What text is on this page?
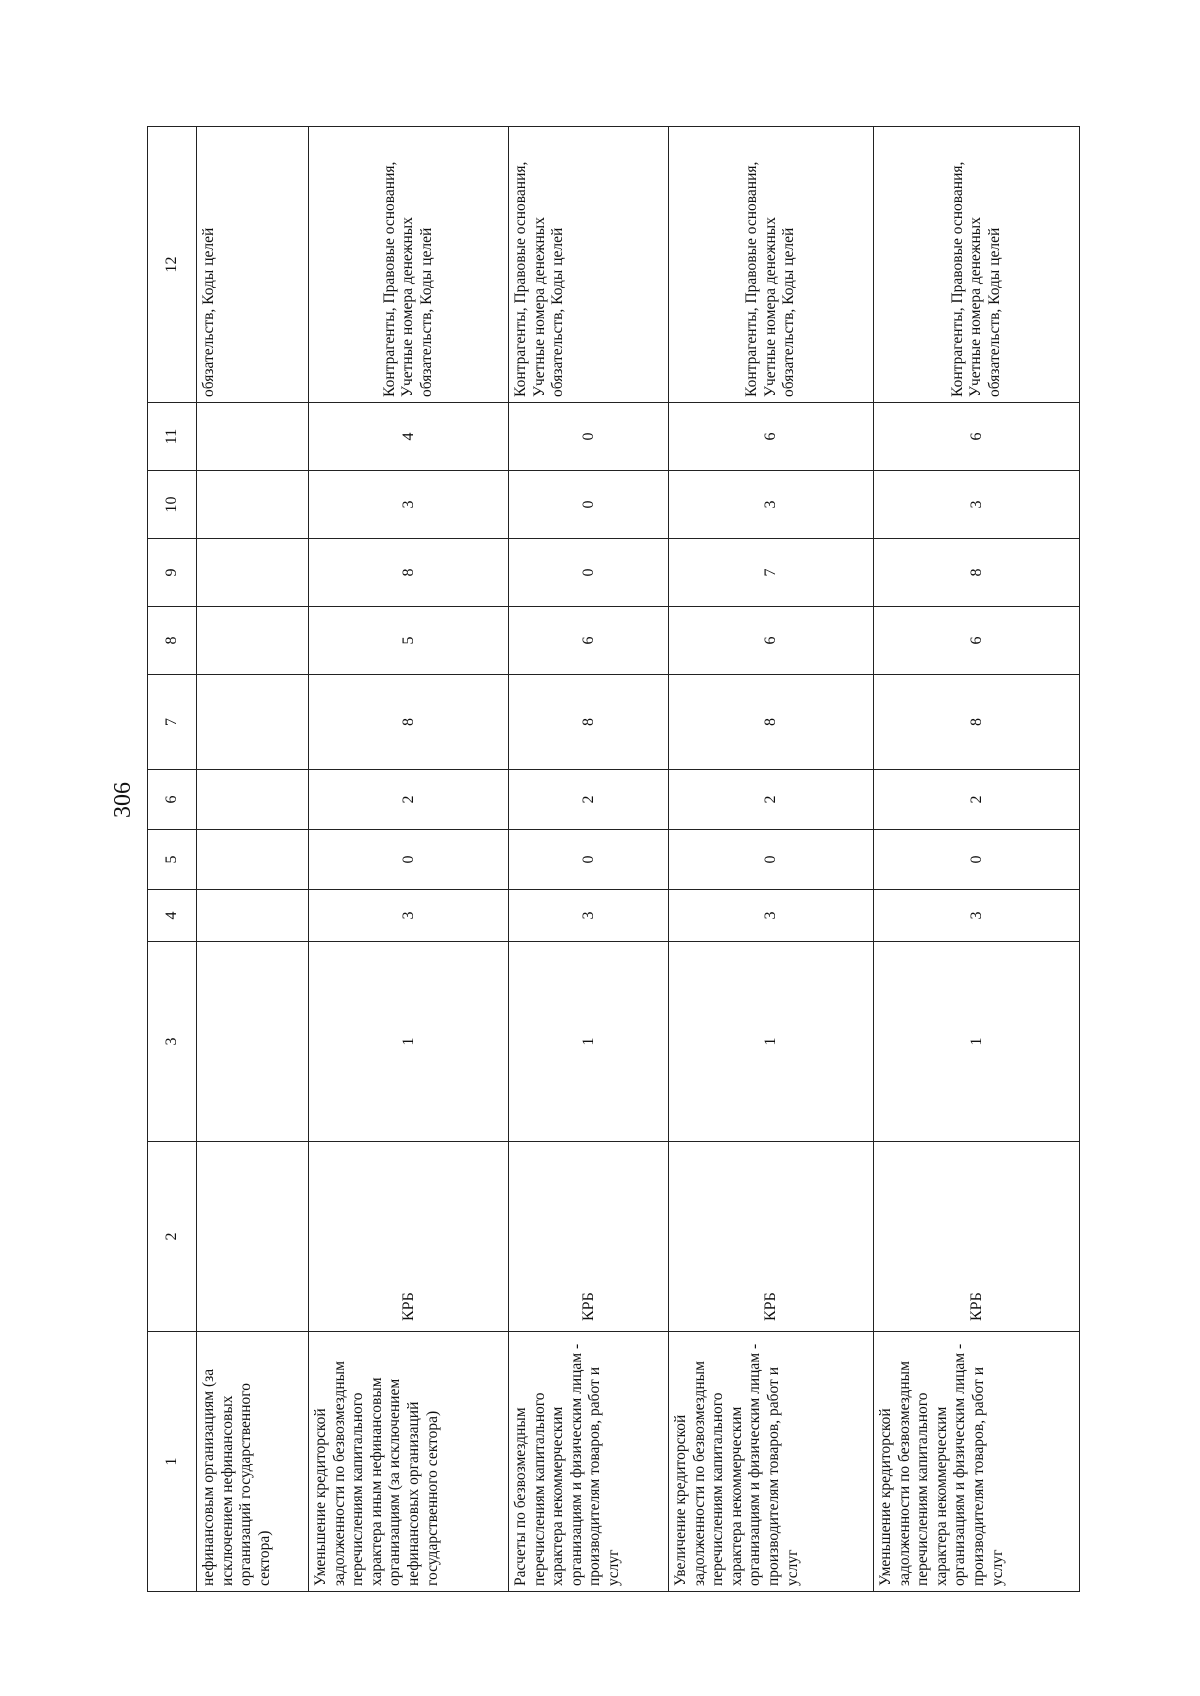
306
1	2	3	4	5	6	7	8	9	10	11	12
нефинансовым организациям (за исключением нефинансовых организаций государственного сектора)											обязательств, Коды целей
Уменьшение кредиторской задолженности по безвозмездным перечислениям капитального характера иным нефинансовым организациям (за исключением нефинансовых организаций государственного сектора)	КРБ	1	3	0	2	8	5	8	3	4	Контрагенты, Правовые основания, Учетные номера денежных обязательств, Коды целей
Расчеты по безвозмездным перечислениям капитального характера некоммерческим организациям и физическим лицам - производителям товаров, работ и услуг	КРБ	1	3	0	2	8	6	0	0	0	Контрагенты, Правовые основания, Учетные номера денежных обязательств, Коды целей
Увеличение кредиторской задолженности по безвозмездным перечислениям капитального характера некоммерческим организациям и физическим лицам - производителям товаров, работ и услуг	КРБ	1	3	0	2	8	6	7	3	6	Контрагенты, Правовые основания, Учетные номера денежных обязательств, Коды целей
Уменьшение кредиторской задолженности по безвозмездным перечислениям капитального характера некоммерческим организациям и физическим лицам - производителям товаров, работ и услуг	КРБ	1	3	0	2	8	6	8	3	6	Контрагенты, Правовые основания, Учетные номера денежных обязательств, Коды целей
